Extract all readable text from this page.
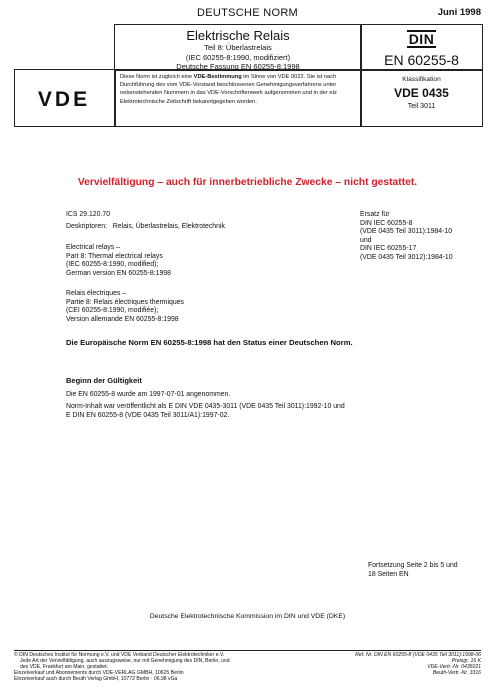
DEUTSCHE NORM	Juni 1998
Elektrische Relais
Teil 8: Überlastrelais
(IEC 60255-8:1990, modifiziert)
Deutsche Fassung EN 60255-8:1998
DIN
EN 60255-8
VDE
Diese Norm ist zugleich eine VDE-Bestimmung im Sinne von VDE 0022. Sie ist nach Durchführung des vom VDE-Vorstand beschlossenen Genehmigungsverfahrens unter nebenstehenden Nummern in das VDE-Vorschriftenwerk aufgenommen und in der etz Elektrotechnische Zeitschrift bekanntgegeben worden.
Klassifikation
VDE 0435
Teil 3011
Vervielfältigung – auch für innerbetriebliche Zwecke – nicht gestattet.
ICS 29.120.70
Deskriptoren: Relais, Überlastrelais, Elektrotechnik
Electrical relays –
Part 8: Thermal electrical relays
(IEC 60255-8:1990, modified);
German version EN 60255-8:1998
Relais électriques –
Partie 8: Relais électriques thermiques
(CEI 60255-8:1990, modifiée);
Version allemande EN 60255-8:1998
Ersatz für
DIN IEC 60255-8
(VDE 0435 Teil 3011):1984-10
und
DIN IEC 60255-17
(VDE 0435 Teil 3012):1984-10
Die Europäische Norm EN 60255-8:1998 hat den Status einer Deutschen Norm.
Beginn der Gültigkeit
Die EN 60255-8 wurde am 1997-07-01 angenommen.
Norm-Inhalt war veröffentlicht als E DIN VDE 0435-3011 (VDE 0435 Teil 3011):1992-10 und
E DIN EN 60255-8 (VDE 0435 Teil 3011/A1):1997-02.
Fortsetzung Seite 2 bis 5 und
18 Seiten EN
Deutsche Elektrotechnische Kommission im DIN und VDE (DKE)
© DIN Deutsches Institut für Normung e.V. und VDE Verband Deutscher Elektrotechniker e.V.
Jede Art der Vervielfältigung, auch auszugsweise, nur mit Genehmigung des DIN, Berlin, und
des VDE, Frankfurt am Main, gestattet.
Einzelverkauf und Abonnements durch VDE-VERLAG GMBH, 10625 Berlin
Einzelverkauf auch durch Beuth Verlag GmbH, 10772 Berlin · 06.98 vGa
Ref. Nr. DIN EN 60255-8 (VDE 0435 Teil 3011):1998-06
Preisgr. 16 K
VDE-Vertr.-Nr. 0435021
Beuth-Vertr.-Nr. 3316
